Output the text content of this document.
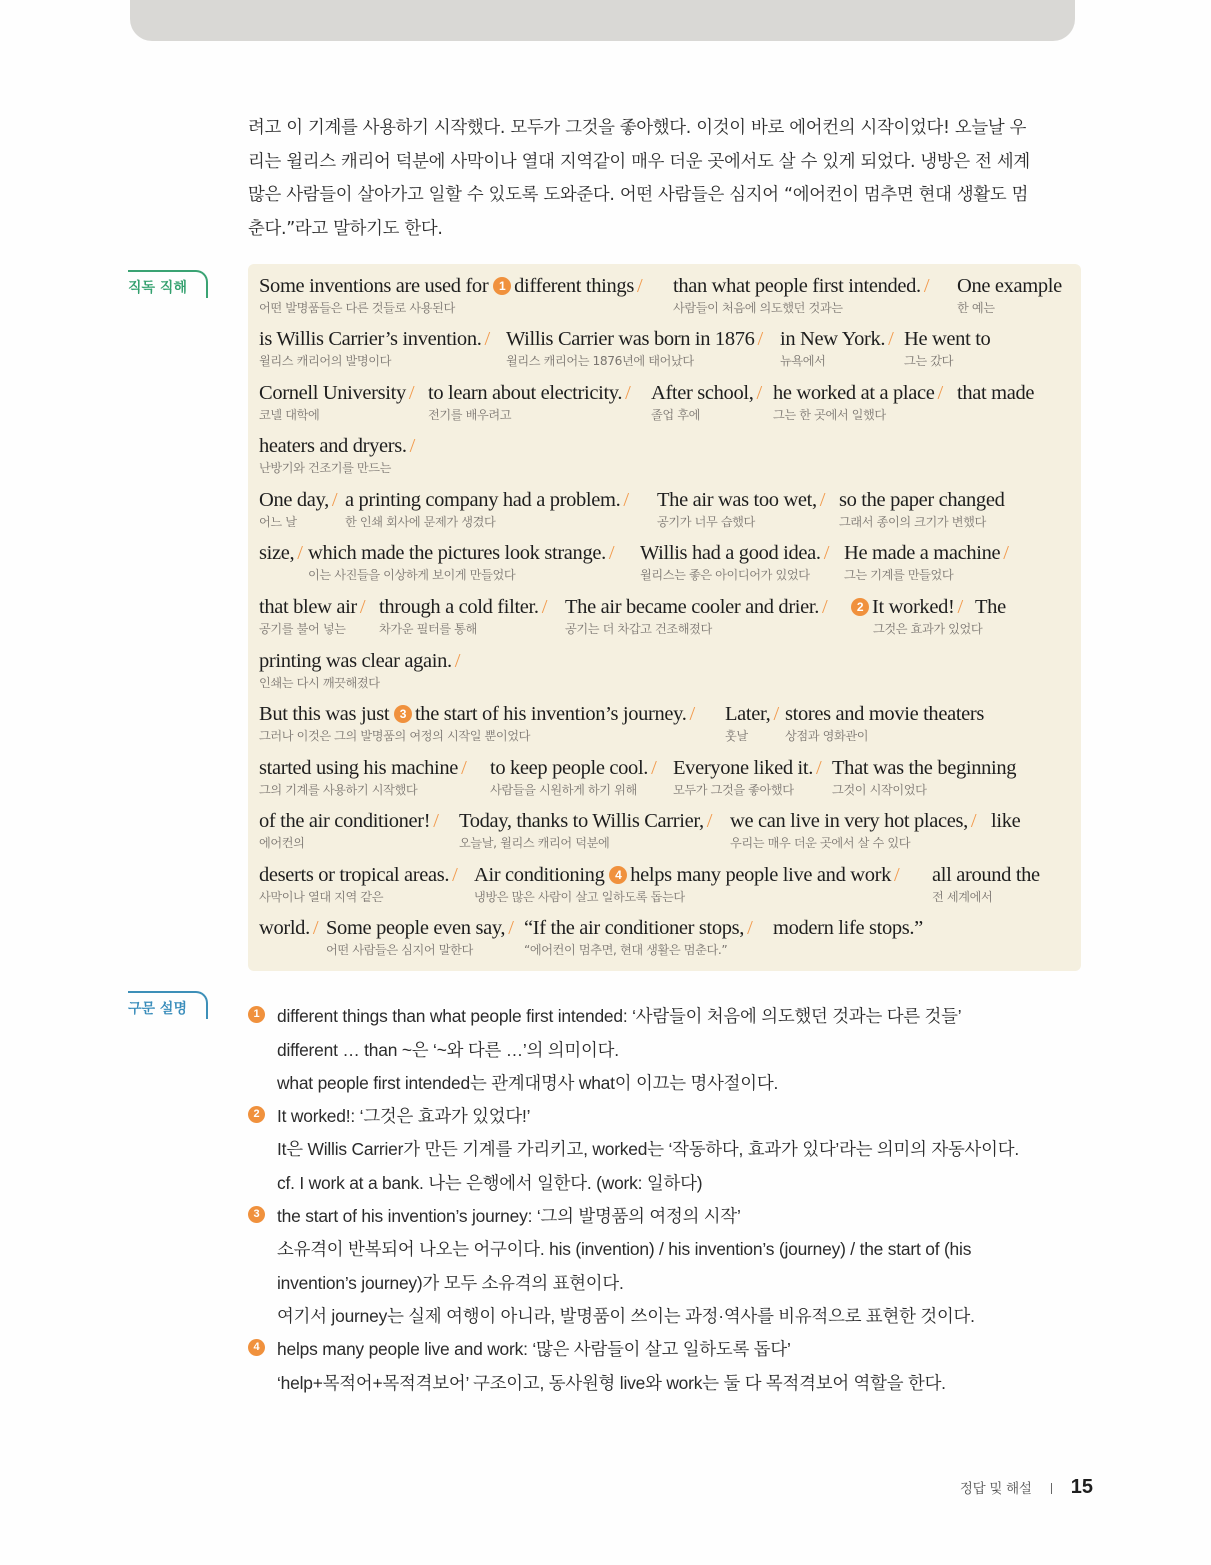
려고 이 기계를 사용하기 시작했다. 모두가 그것을 좋아했다. 이것이 바로 에어컨의 시작이었다! 오늘날 우
리는 윌리스 캐리어 덕분에 사막이나 열대 지역같이 매우 더운 곳에서도 살 수 있게 되었다. 냉방은 전 세계
많은 사람들이 살아가고 일할 수 있도록 도와준다. 어떤 사람들은 심지어 “에어컨이 멈추면 현대 생활도 멈
춘다.”라고 말하기도 한다.
직독 직해	Some inventions are used for 1 different things /
어떤 발명품들은 다른 것들로 사용된다
than what people first intended. /
사람들이 처음에 의도했던 것과는
One example
한 예는
is Willis Carrier’s invention. /
윌리스 캐리어의 발명이다
Willis Carrier was born in 1876 /
윌리스 캐리어는 1876년에 태어났다
in New York. /
뉴욕에서
He went to
그는 갔다
Cornell University /
코넬 대학에
to learn about electricity. /
전기를 배우려고
After school, /
졸업 후에
he worked at a place /
그는 한 곳에서 일했다
that made
heaters and dryers. /
난방기와 건조기를 만드는
One day, /
어느 날
a printing company had a problem. /
한 인쇄 회사에 문제가 생겼다
The air was too wet, /
공기가 너무 습했다
so the paper changed
그래서 종이의 크기가 변했다
size, / which made the pictures look strange. /
이는 사진들을 이상하게 보이게 만들었다
Willis had a good idea. /
윌리스는 좋은 아이디어가 있었다
He made a machine /
그는 기계를 만들었다
that blew air /
공기를 불어 넣는
through a cold filter. /
차가운 필터를 통해
The air became cooler and drier. /
공기는 더 차갑고 건조해졌다
2 It worked! /
그것은 효과가 있었다
The
printing was clear again. /
인쇄는 다시 깨끗해졌다
But this was just 3 the start of his invention’s journey. /
그러나 이것은 그의 발명품의 여정의 시작일 뿐이었다
Later, /
훗날
stores and movie theaters
상점과 영화관이
started using his machine /
그의 기계를 사용하기 시작했다
to keep people cool. /
사람들을 시원하게 하기 위해
Everyone liked it. /
모두가 그것을 좋아했다
That was the beginning
그것이 시작이었다
of the air conditioner! /
에어컨의
Today, thanks to Willis Carrier, /
오늘날, 윌리스 캐리어 덕분에
we can live in very hot places, /
우리는 매우 더운 곳에서 살 수 있다
like
deserts or tropical areas. /
사막이나 열대 지역 같은
Air conditioning 4 helps many people live and work /
냉방은 많은 사람이 살고 일하도록 돕는다
all around the
전 세계에서
world. / Some people even say, /
어떤 사람들은 심지어 말한다
“If the air conditioner stops, /
“에어컨이 멈추면, 현대 생활은 멈춘다.”
modern life stops.”
구문 설명	1	different things than what people first intended: ‘사람들이 처음에 의도했던 것과는 다른 것들’
different … than ~은 ‘~와 다른 …’의 의미이다.
what people first intended는 관계대명사 what이 이끄는 명사절이다.
2	It worked!: ‘그것은 효과가 있었다!’
It은 Willis Carrier가 만든 기계를 가리키고, worked는 ‘작동하다, 효과가 있다’라는 의미의 자동사이다.
cf. I work at a bank. 나는 은행에서 일한다. (work: 일하다)
3	the start of his invention’s journey: ‘그의 발명품의 여정의 시작’
소유격이 반복되어 나오는 어구이다. his (invention) / his invention’s (journey) / the start of (his
invention’s journey)가 모두 소유격의 표현이다.
여기서 journey는 실제 여행이 아니라, 발명품이 쓰이는 과정·역사를 비유적으로 표현한 것이다.
4	helps many people live and work: ‘많은 사람들이 살고 일하도록 돕다’
‘help+목적어+목적격보어’ 구조이고, 동사원형 live와 work는 둘 다 목적격보어 역할을 한다.
정답 및 해설 15
